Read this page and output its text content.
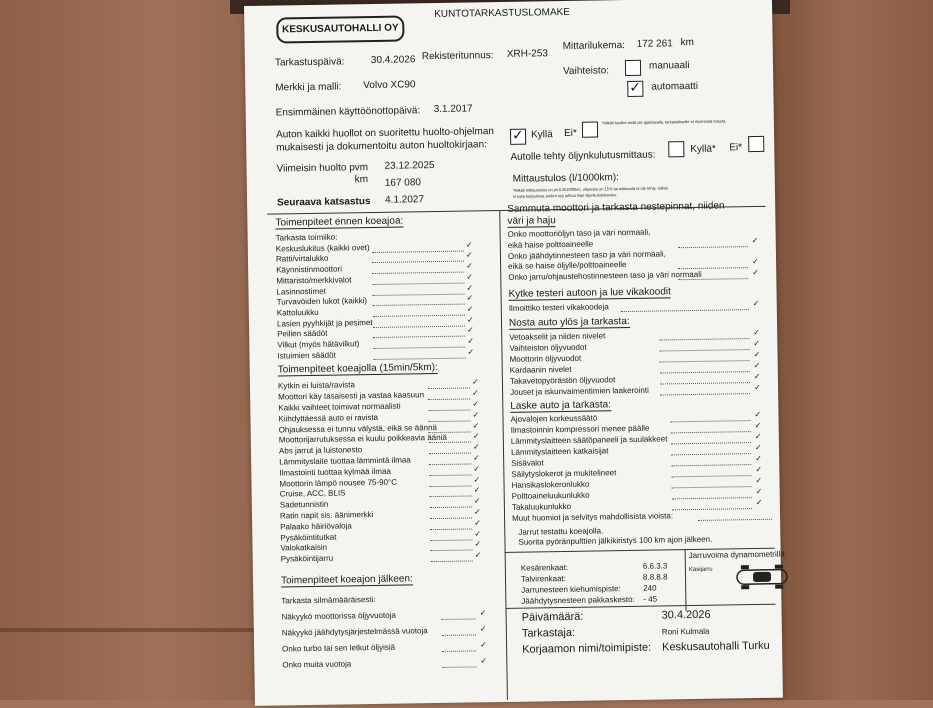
KESKUSAUTOHALLI OY
KUNTOTARKASTUSLOMAKE
Tarkastuspäivä:	30.4.2026 Rekisteritunnus: XRH-253
Mittarilukema: 172 261 km
Merkki ja malli: Volvo XC90
Vaihteisto:	manuaali
✓ automaatti
Ensimmäinen käyttöönottopäivä: 3.1.2017
Auton kaikki huollot on suoritettu huolto-ohjelman
mukaisesti ja dokumentoitu auton huoltokirjaan:
✓ Kyllä Ei*
*Mikäli huollot eivät ole ajantasalla, tarkastukselle ei myönnetä tulosta.
Viimeisin huolto pvm 23.12.2025
km 167 080
Autolle tehty öljynkulutusmittaus:
Kyllä* Ei*
Mittaustulos (l/1000km):
*Mikäli mittaustulos on yli 0,2l/1000km, ohjeesta on 15% tai mittausta ei ole tehty, tulkoo
ei kata korjauksia, joiden syy johtuu liian öljynkulutuksesta.
Seuraava katsastus 4.1.2027
Toimenpiteet ennen koeajoa:
Tarkasta toimiiko:
Keskuslukitus (kaikki ovet)	✓
Ratti/virtalukko	✓
Käynnistinmoottori	✓
Mittaristo/merkkivalot	✓
Lasinnostimet	✓
Turvavöiden lukot (kaikki)	✓
Kattoluukku	✓
Lasien pyyhkijät ja pesimet	✓
Peilien säädöt	✓
Vilkut (myös hätävilkut)	✓
Istuimien säädöt	✓
Toimenpiteet koeajolla (15min/5km):
Kytkin ei luista/ravista	✓
Moottori käy tasaisesti ja vastaa kaasuun	✓
Kaikki vaihteet toimivat normaalisti	✓
Kiihdyttäessä auto ei ravista	✓
Ohjauksessa ei tunnu välystä, eikä se äännä	✓
Moottorijarrutuksessa ei kuulu poikkeavia ääniä	✓
Abs jarrut ja luistonesto	✓
Lämmityslaite tuottaa lämmintä ilmaa	✓
Ilmastointi tuottaa kylmää ilmaa	✓
Moottorin lämpö nousee 75-90°C	✓
Cruise, ACC, BLIS	✓
Sadetunnistin	✓
Ratin napit sis. äänimerkki	✓
Palaako häiriövaloja	✓
Pysäköintitutkat	✓
Valokatkaisin	✓
Pysäköintijarru	✓
Toimenpiteet koeajon jälkeen:
Tarkasta silmämääräisesti:
Näkyykö moottorissa öljyvuotoja	✓
Näkyykö jäähdytysjärjestelmässä vuotoja	✓
Onko turbo tai sen letkut öljyisiä	✓
Onko muita vuotoja	✓
Sammuta moottori ja tarkasta nestepinnat, niiden
väri ja haju
Onko moottoriöljyn taso ja väri normaali,
eikä haise polttoaineelle	✓
Onko jäähdytinnesteen taso ja väri normaali,
eikä se haise öljylle/polttoaineelle	✓
Onko jarru/ohjaustehostinnesteen taso ja väri normaali	✓
Kytke testeri autoon ja lue vikakoodit
Ilmoittiko testeri vikakoodeja	✓
Nosta auto ylös ja tarkasta:
Vetoakselit ja niiden nivelet	✓
Vaihteiston öljyvuodot	✓
Moottorin öljyvuodot	✓
Kardaanin nivelet	✓
Takavetopyörästön öljyvuodot	✓
Jouset ja iskunvaimentimien laakerointi	✓
Laske auto ja tarkasta:
Ajovalojen korkeussäätö	✓
Ilmastoinnin kompressori menee päälle	✓
Lämmityslaitteen säätöpaneeli ja suulakkeet	✓
Lämmityslaitteen katkaisijat	✓
Sisävalot	✓
Säilytyslokerot ja mukitelineet	✓
Hansikaslokeronlukko	✓
Polttoaineluukunlukko	✓
Takaluukunlukko	✓
Muut huomiot ja selvitys mahdollisista vioista:
Jarrut testattu koeajolla.
Suorita pyöränpulttien jälkikiristys 100 km ajon jälkeen.
Kesärenkaat:	6.6.3.3
Talvirenkaat:	8.8.8.8
Jarrunesteen kiehumispiste:	240
Jäähdytysnesteen pakkaskesto: - 45
Jarruvoima dynamometrillä
Käsijarru
Päivämäärä:	30.4.2026
Tarkastaja:	Roni Kulmala
Korjaamon nimi/toimipiste: Keskusautohalli Turku
